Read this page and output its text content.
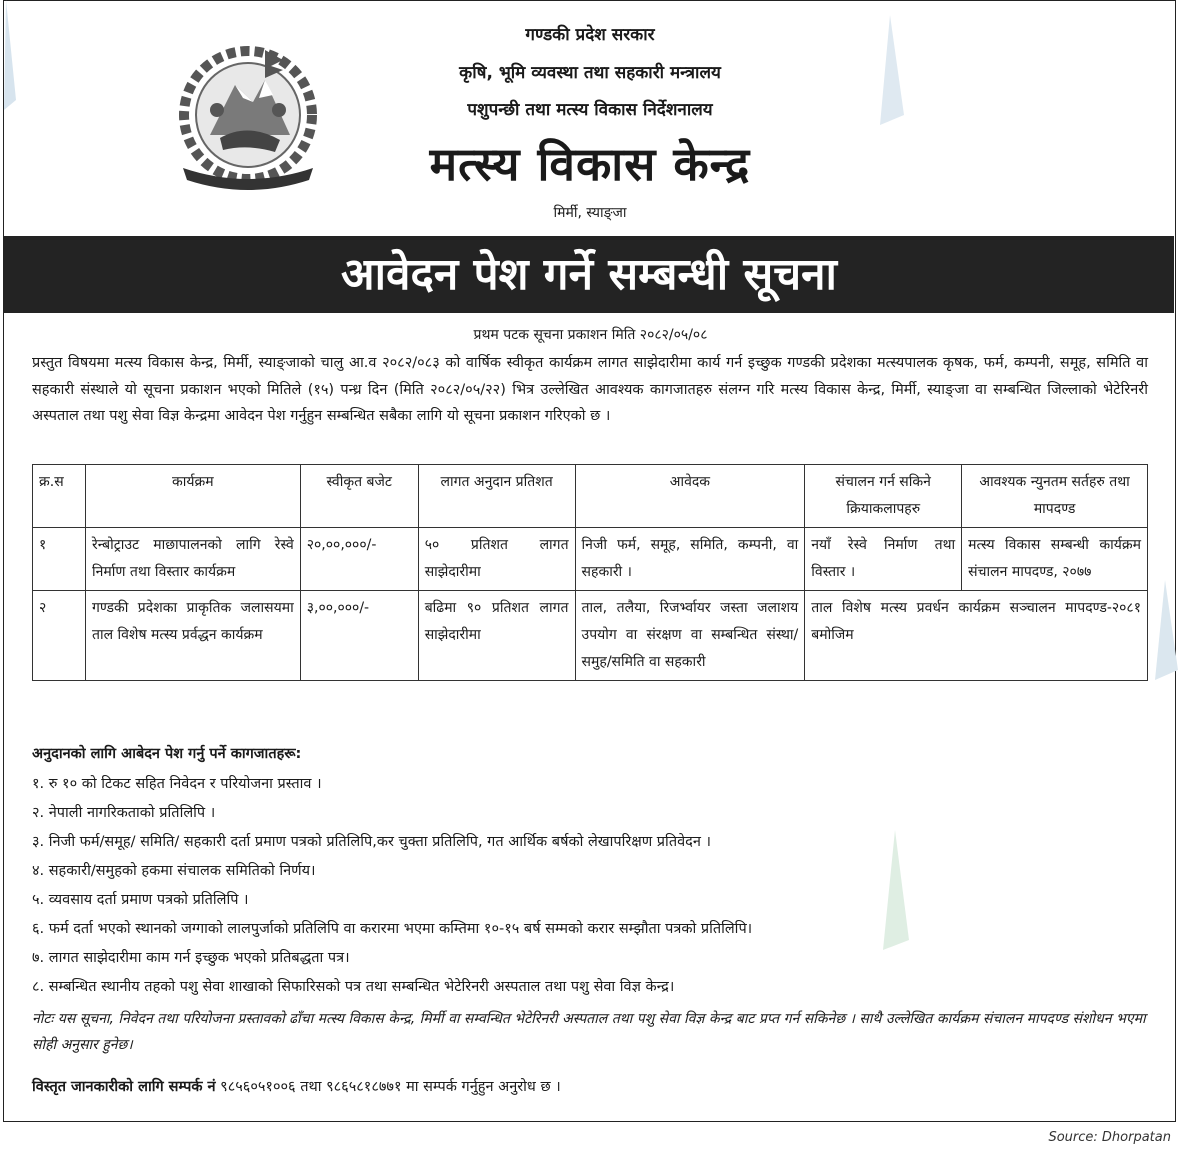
गण्डकी प्रदेश सरकार
कृषि, भूमि व्यवस्था तथा सहकारी मन्त्रालय
पशुपन्छी तथा मत्स्य विकास निर्देशनालय
मत्स्य विकास केन्द्र
मिर्मी, स्याङ्जा
आवेदन पेश गर्ने सम्बन्धी सूचना
प्रथम पटक सूचना प्रकाशन मिति २०८२/०५/०८
प्रस्तुत विषयमा मत्स्य विकास केन्द्र, मिर्मी, स्याङ्जाको चालु आ.व २०८२/०८३ को वार्षिक स्वीकृत कार्यक्रम लागत साझेदारीमा कार्य गर्न इच्छुक गण्डकी प्रदेशका मत्स्यपालक कृषक, फर्म, कम्पनी, समूह, समिति वा सहकारी संस्थाले यो सूचना प्रकाशन भएको मितिले (१५) पन्ध्र दिन (मिति २०८२/०५/२२) भित्र उल्लेखित आवश्यक कागजातहरु संलग्न गरि मत्स्य विकास केन्द्र, मिर्मी, स्याङ्जा वा सम्बन्धित जिल्लाको भेटेरिनरी अस्पताल तथा पशु सेवा विज्ञ केन्द्रमा आवेदन पेश गर्नुहुन सम्बन्धित सबैका लागि यो सूचना प्रकाशन गरिएको छ ।
क्र.स	कार्यक्रम	स्वीकृत बजेट	लागत अनुदान प्रतिशत	आवेदक	संचालन गर्न सकिने क्रियाकलापहरु	आवश्यक न्युनतम सर्तहरु तथा मापदण्ड
१	रेन्बोट्राउट माछापालनको लागि रेस्वे निर्माण तथा विस्तार कार्यक्रम	२०,००,०००/-	५० प्रतिशत लागत साझेदारीमा	निजी फर्म, समूह, समिति, कम्पनी, वा सहकारी ।	नयाँ रेस्वे निर्माण तथा विस्तार ।	मत्स्य विकास सम्बन्धी कार्यक्रम संचालन मापदण्ड, २०७७
२	गण्डकी प्रदेशका प्राकृतिक जलासयमा ताल विशेष मत्स्य प्रर्वद्धन कार्यक्रम	३,००,०००/-	बढिमा ९० प्रतिशत लागत साझेदारीमा	ताल, तलैया, रिजर्भ्वायर जस्ता जलाशय उपयोग वा संरक्षण वा सम्बन्धित संस्था/समुह/समिति वा सहकारी	ताल विशेष मत्स्य प्रवर्धन कार्यक्रम सञ्चालन मापदण्ड-२०८१ बमोजिम	
अनुदानको लागि आबेदन पेश गर्नु पर्ने कागजातहरू:
१. रु १० को टिकट सहित निवेदन र परियोजना प्रस्ताव ।
२. नेपाली नागरिकताको प्रतिलिपि ।
३. निजी फर्म/समूह/ समिति/ सहकारी दर्ता प्रमाण पत्रको प्रतिलिपि,कर चुक्ता प्रतिलिपि, गत आर्थिक बर्षको लेखापरिक्षण प्रतिवेदन ।
४. सहकारी/समुहको हकमा संचालक समितिको निर्णय।
५. व्यवसाय दर्ता प्रमाण पत्रको प्रतिलिपि ।
६. फर्म दर्ता भएको स्थानको जग्गाको लालपुर्जाको प्रतिलिपि वा करारमा भएमा कम्तिमा १०-१५ बर्ष सम्मको करार सम्झौता पत्रको प्रतिलिपि।
७. लागत साझेदारीमा काम गर्न इच्छुक भएको प्रतिबद्धता पत्र।
८. सम्बन्धित स्थानीय तहको पशु सेवा शाखाको सिफारिसको पत्र तथा सम्बन्धित भेटेरिनरी अस्पताल तथा पशु सेवा विज्ञ केन्द्र।
नोटः यस सूचना, निवेदन तथा परियोजना प्रस्तावको ढाँचा मत्स्य विकास केन्द्र, मिर्मी वा सम्वन्धित भेटेरिनरी अस्पताल तथा पशु सेवा विज्ञ केन्द्र बाट प्रप्त गर्न सकिनेछ । साथै उल्लेखित कार्यक्रम संचालन मापदण्ड संशोधन भएमा सोही अनुसार हुनेछ।
विस्तृत जानकारीको लागि सम्पर्क नं ९८५६०५१००६ तथा ९८६५८१८७७१ मा सम्पर्क गर्नुहुन अनुरोध छ ।
Source: Dhorpatan
